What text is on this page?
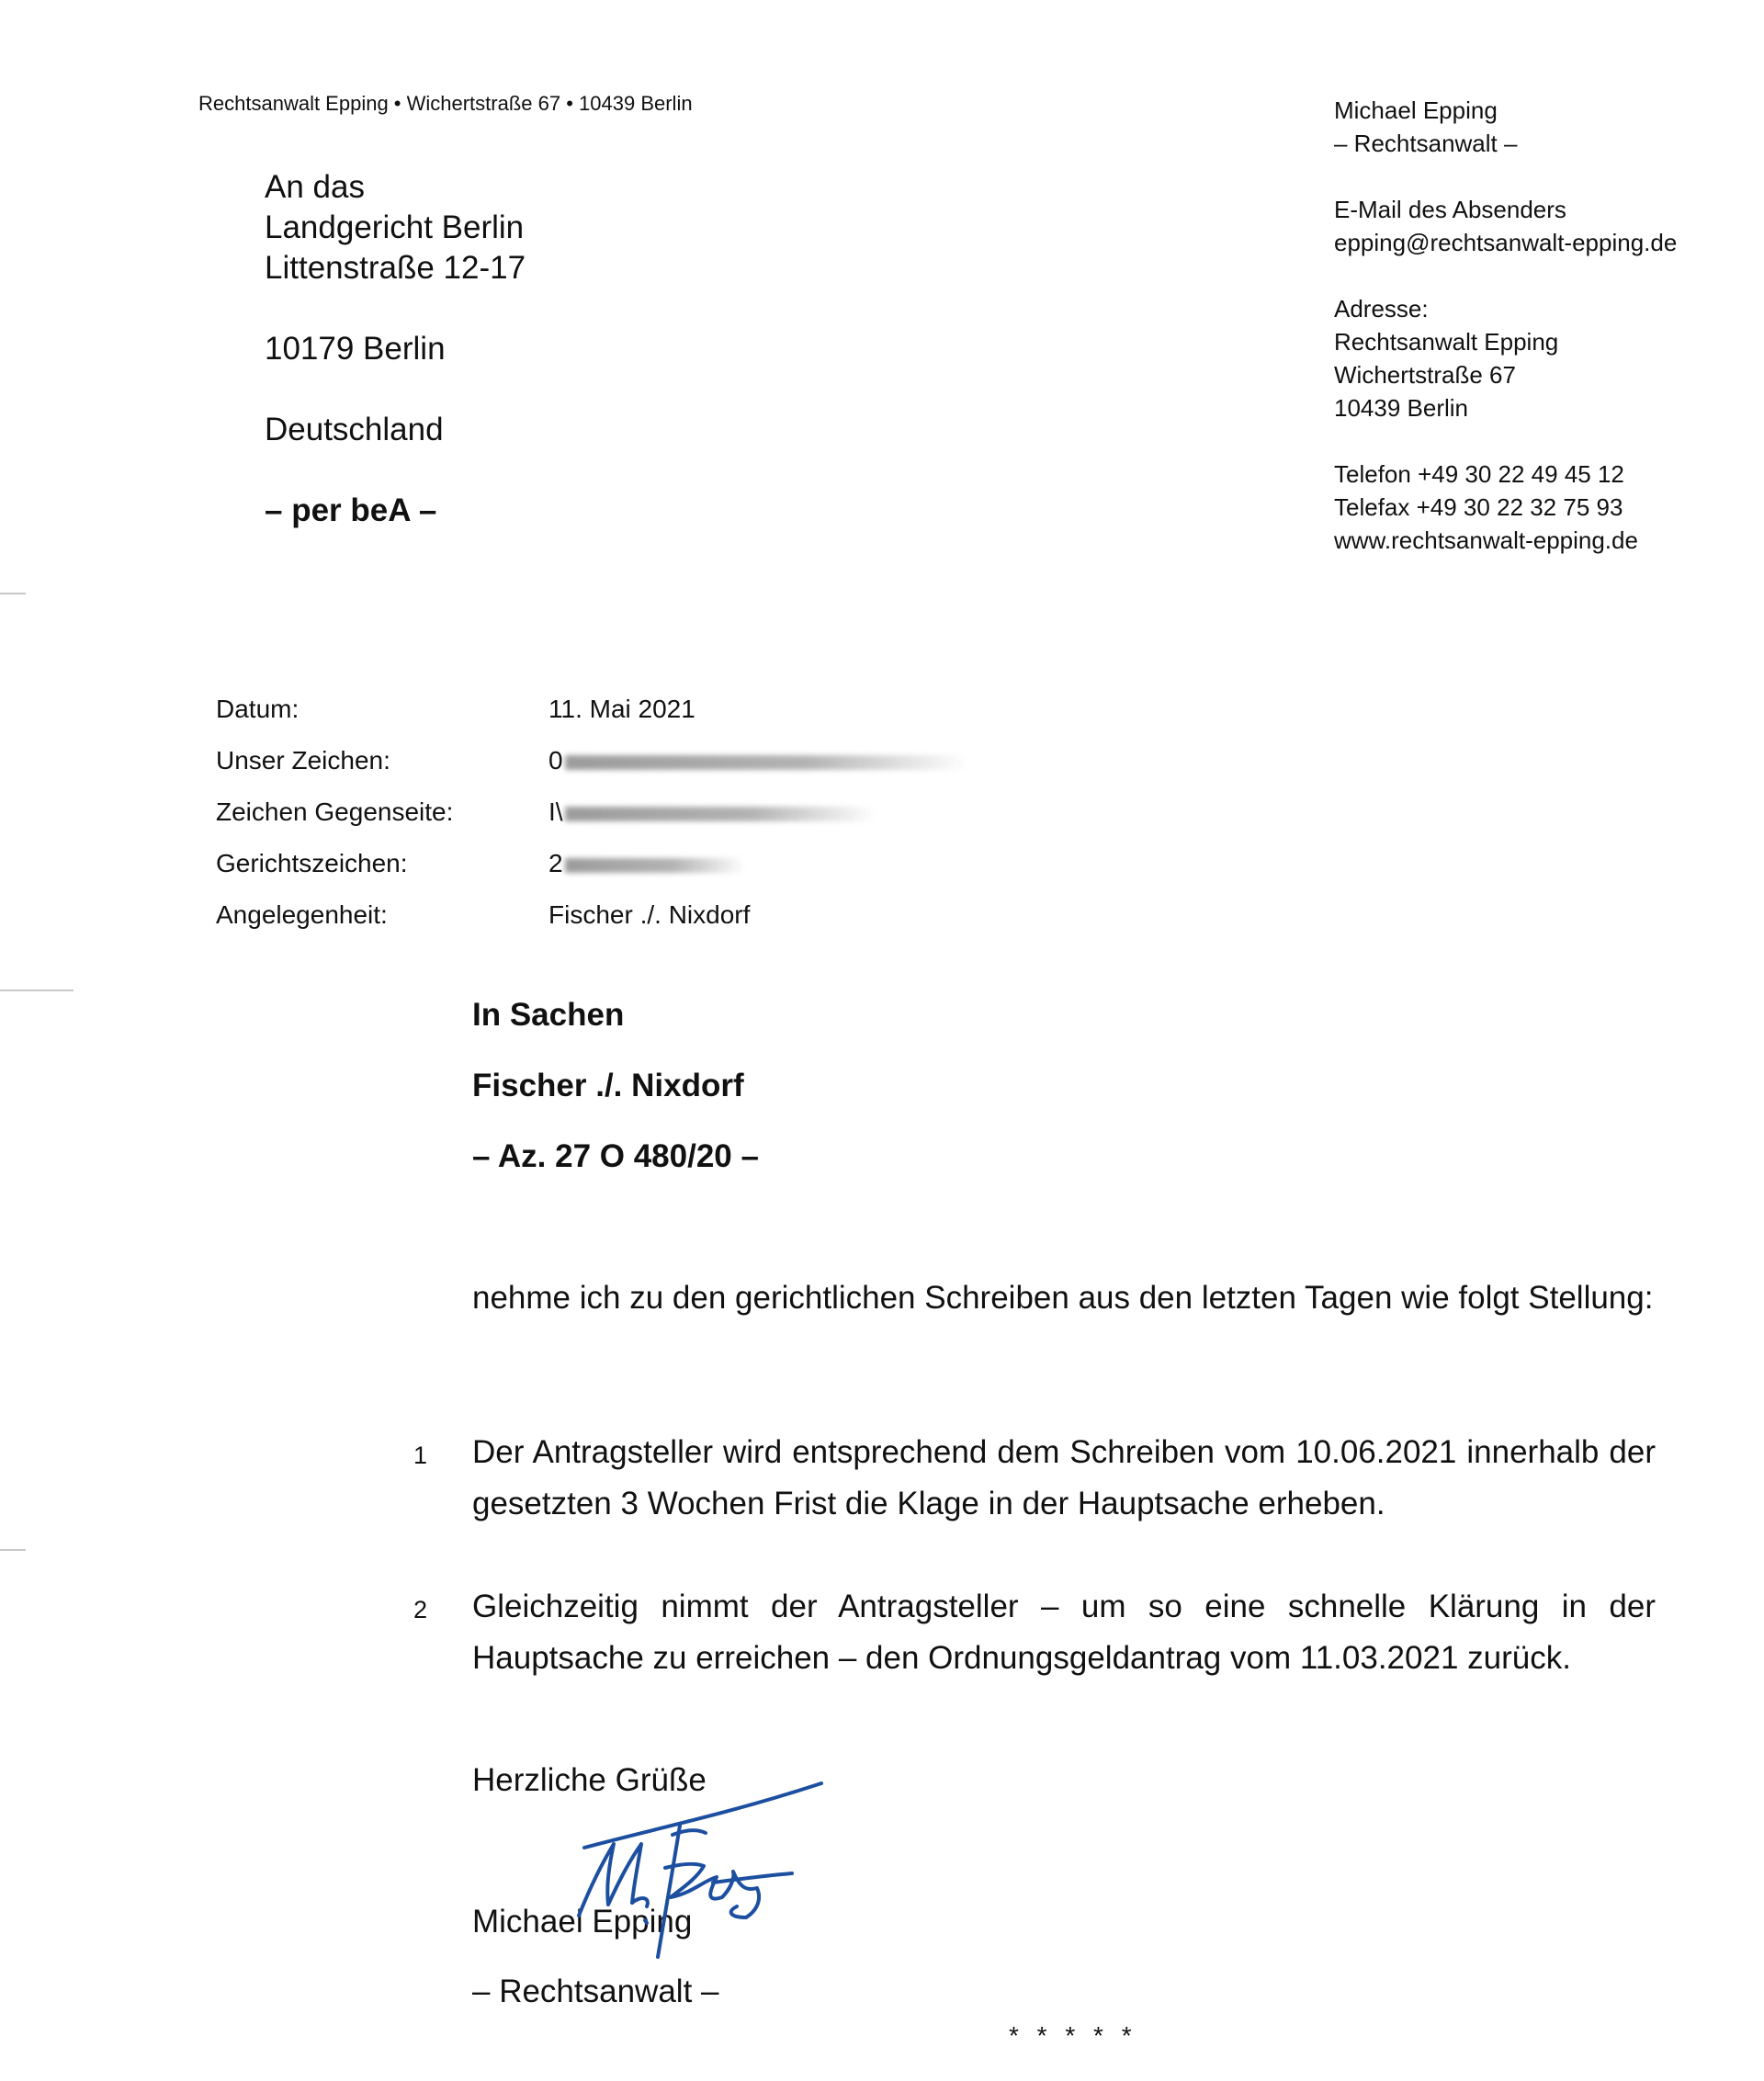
Rechtsanwalt Epping • Wichertstraße 67 • 10439 Berlin
An das
Landgericht Berlin
Littenstraße 12-17
10179 Berlin
Deutschland
– per beA –
Michael Epping
– Rechtsanwalt –
E-Mail des Absenders
epping@rechtsanwalt-epping.de
Adresse:
Rechtsanwalt Epping
Wichertstraße 67
10439 Berlin
Telefon +49 30 22 49 45 12
Telefax +49 30 22 32 75 93
www.rechtsanwalt-epping.de
Datum:	11. Mai 2021
Unser Zeichen:	0
Zeichen Gegenseite:	I\
Gerichtszeichen:	2
Angelegenheit:	Fischer ./. Nixdorf
In Sachen
Fischer ./. Nixdorf
– Az. 27 O 480/20 –

nehme ich zu den gerichtlichen Schreiben aus den letzten Tagen wie folgt Stellung:

1 Der Antragsteller wird entsprechend dem Schreiben vom 10.06.2021 innerhalb der gesetzten 3 Wochen Frist die Klage in der Hauptsache erheben.

2 Gleichzeitig nimmt der Antragsteller – um so eine schnelle Klärung in der Hauptsache zu erreichen – den Ordnungsgeldantrag vom 11.03.2021 zurück.

Herzliche Grüße
Michael Epping
– Rechtsanwalt –
* * * * *
